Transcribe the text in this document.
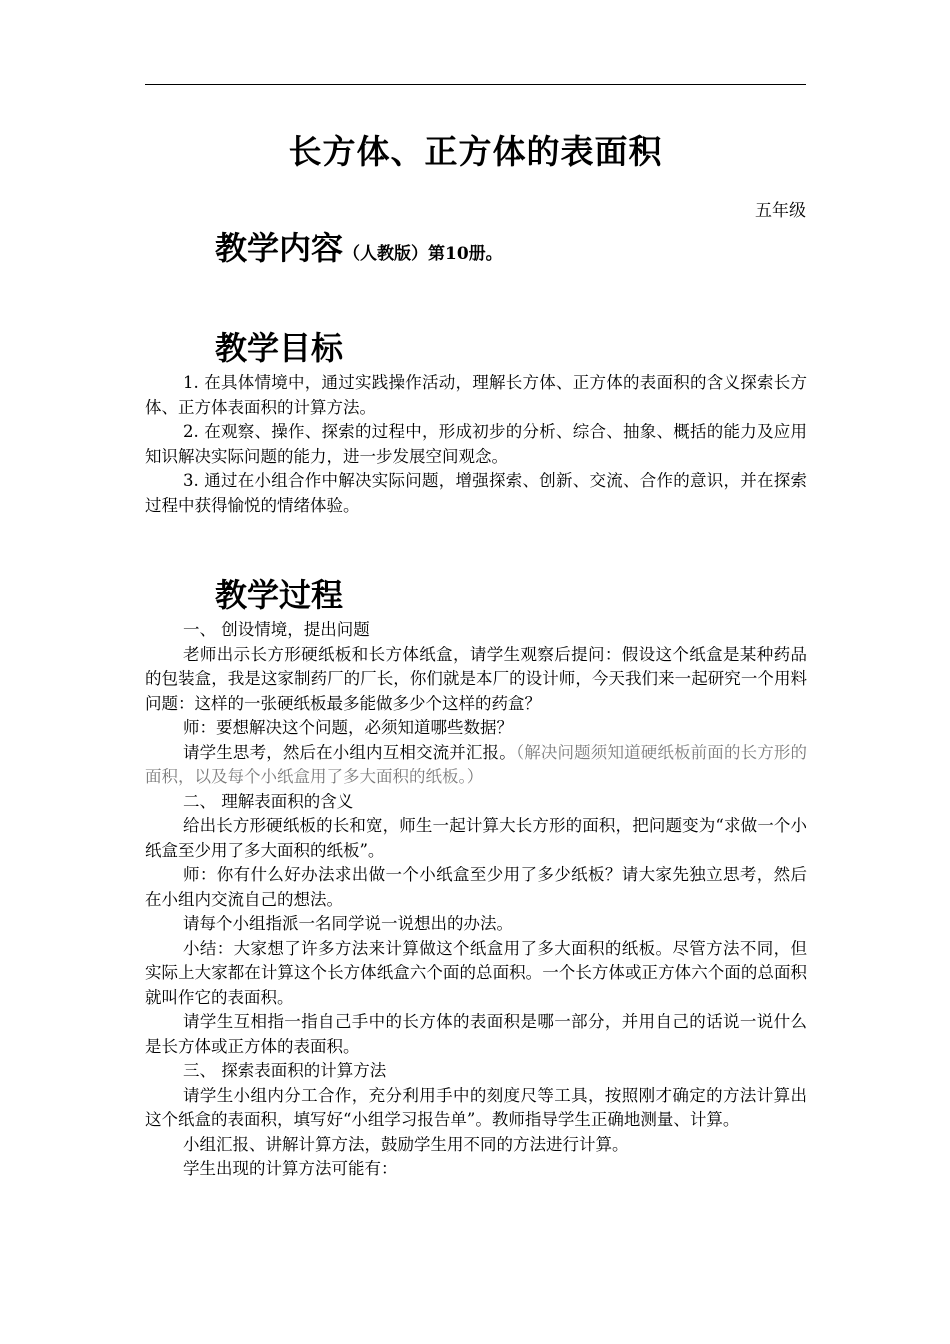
长方体、正方体的表面积
五年级
教学内容（人教版）第10册。
教学目标

1. 在具体情境中，通过实践操作活动，理解长方体、正方体的表面积的含义探索长方体、正方体表面积的计算方法。

2. 在观察、操作、探索的过程中，形成初步的分析、综合、抽象、概括的能力及应用知识解决实际问题的能力，进一步发展空间观念。

3. 通过在小组合作中解决实际问题，增强探索、创新、交流、合作的意识，并在探索过程中获得愉悦的情绪体验。

教学过程

一、 创设情境，提出问题

老师出示长方形硬纸板和长方体纸盒，请学生观察后提问：假设这个纸盒是某种药品的包装盒，我是这家制药厂的厂长，你们就是本厂的设计师，今天我们来一起研究一个用料问题：这样的一张硬纸板最多能做多少个这样的药盒？

师：要想解决这个问题，必须知道哪些数据？

请学生思考，然后在小组内互相交流并汇报。（解决问题须知道硬纸板前面的长方形的面积，以及每个小纸盒用了多大面积的纸板。）

二、 理解表面积的含义

给出长方形硬纸板的长和宽，师生一起计算大长方形的面积，把问题变为“求做一个小纸盒至少用了多大面积的纸板”。

师：你有什么好办法求出做一个小纸盒至少用了多少纸板？请大家先独立思考，然后在小组内交流自己的想法。

请每个小组指派一名同学说一说想出的办法。

小结：大家想了许多方法来计算做这个纸盒用了多大面积的纸板。尽管方法不同，但实际上大家都在计算这个长方体纸盒六个面的总面积。一个长方体或正方体六个面的总面积就叫作它的表面积。

请学生互相指一指自己手中的长方体的表面积是哪一部分，并用自己的话说一说什么是长方体或正方体的表面积。

三、 探索表面积的计算方法

请学生小组内分工合作，充分利用手中的刻度尺等工具，按照刚才确定的方法计算出这个纸盒的表面积，填写好“小组学习报告单”。教师指导学生正确地测量、计算。

小组汇报、讲解计算方法，鼓励学生用不同的方法进行计算。

学生出现的计算方法可能有：
